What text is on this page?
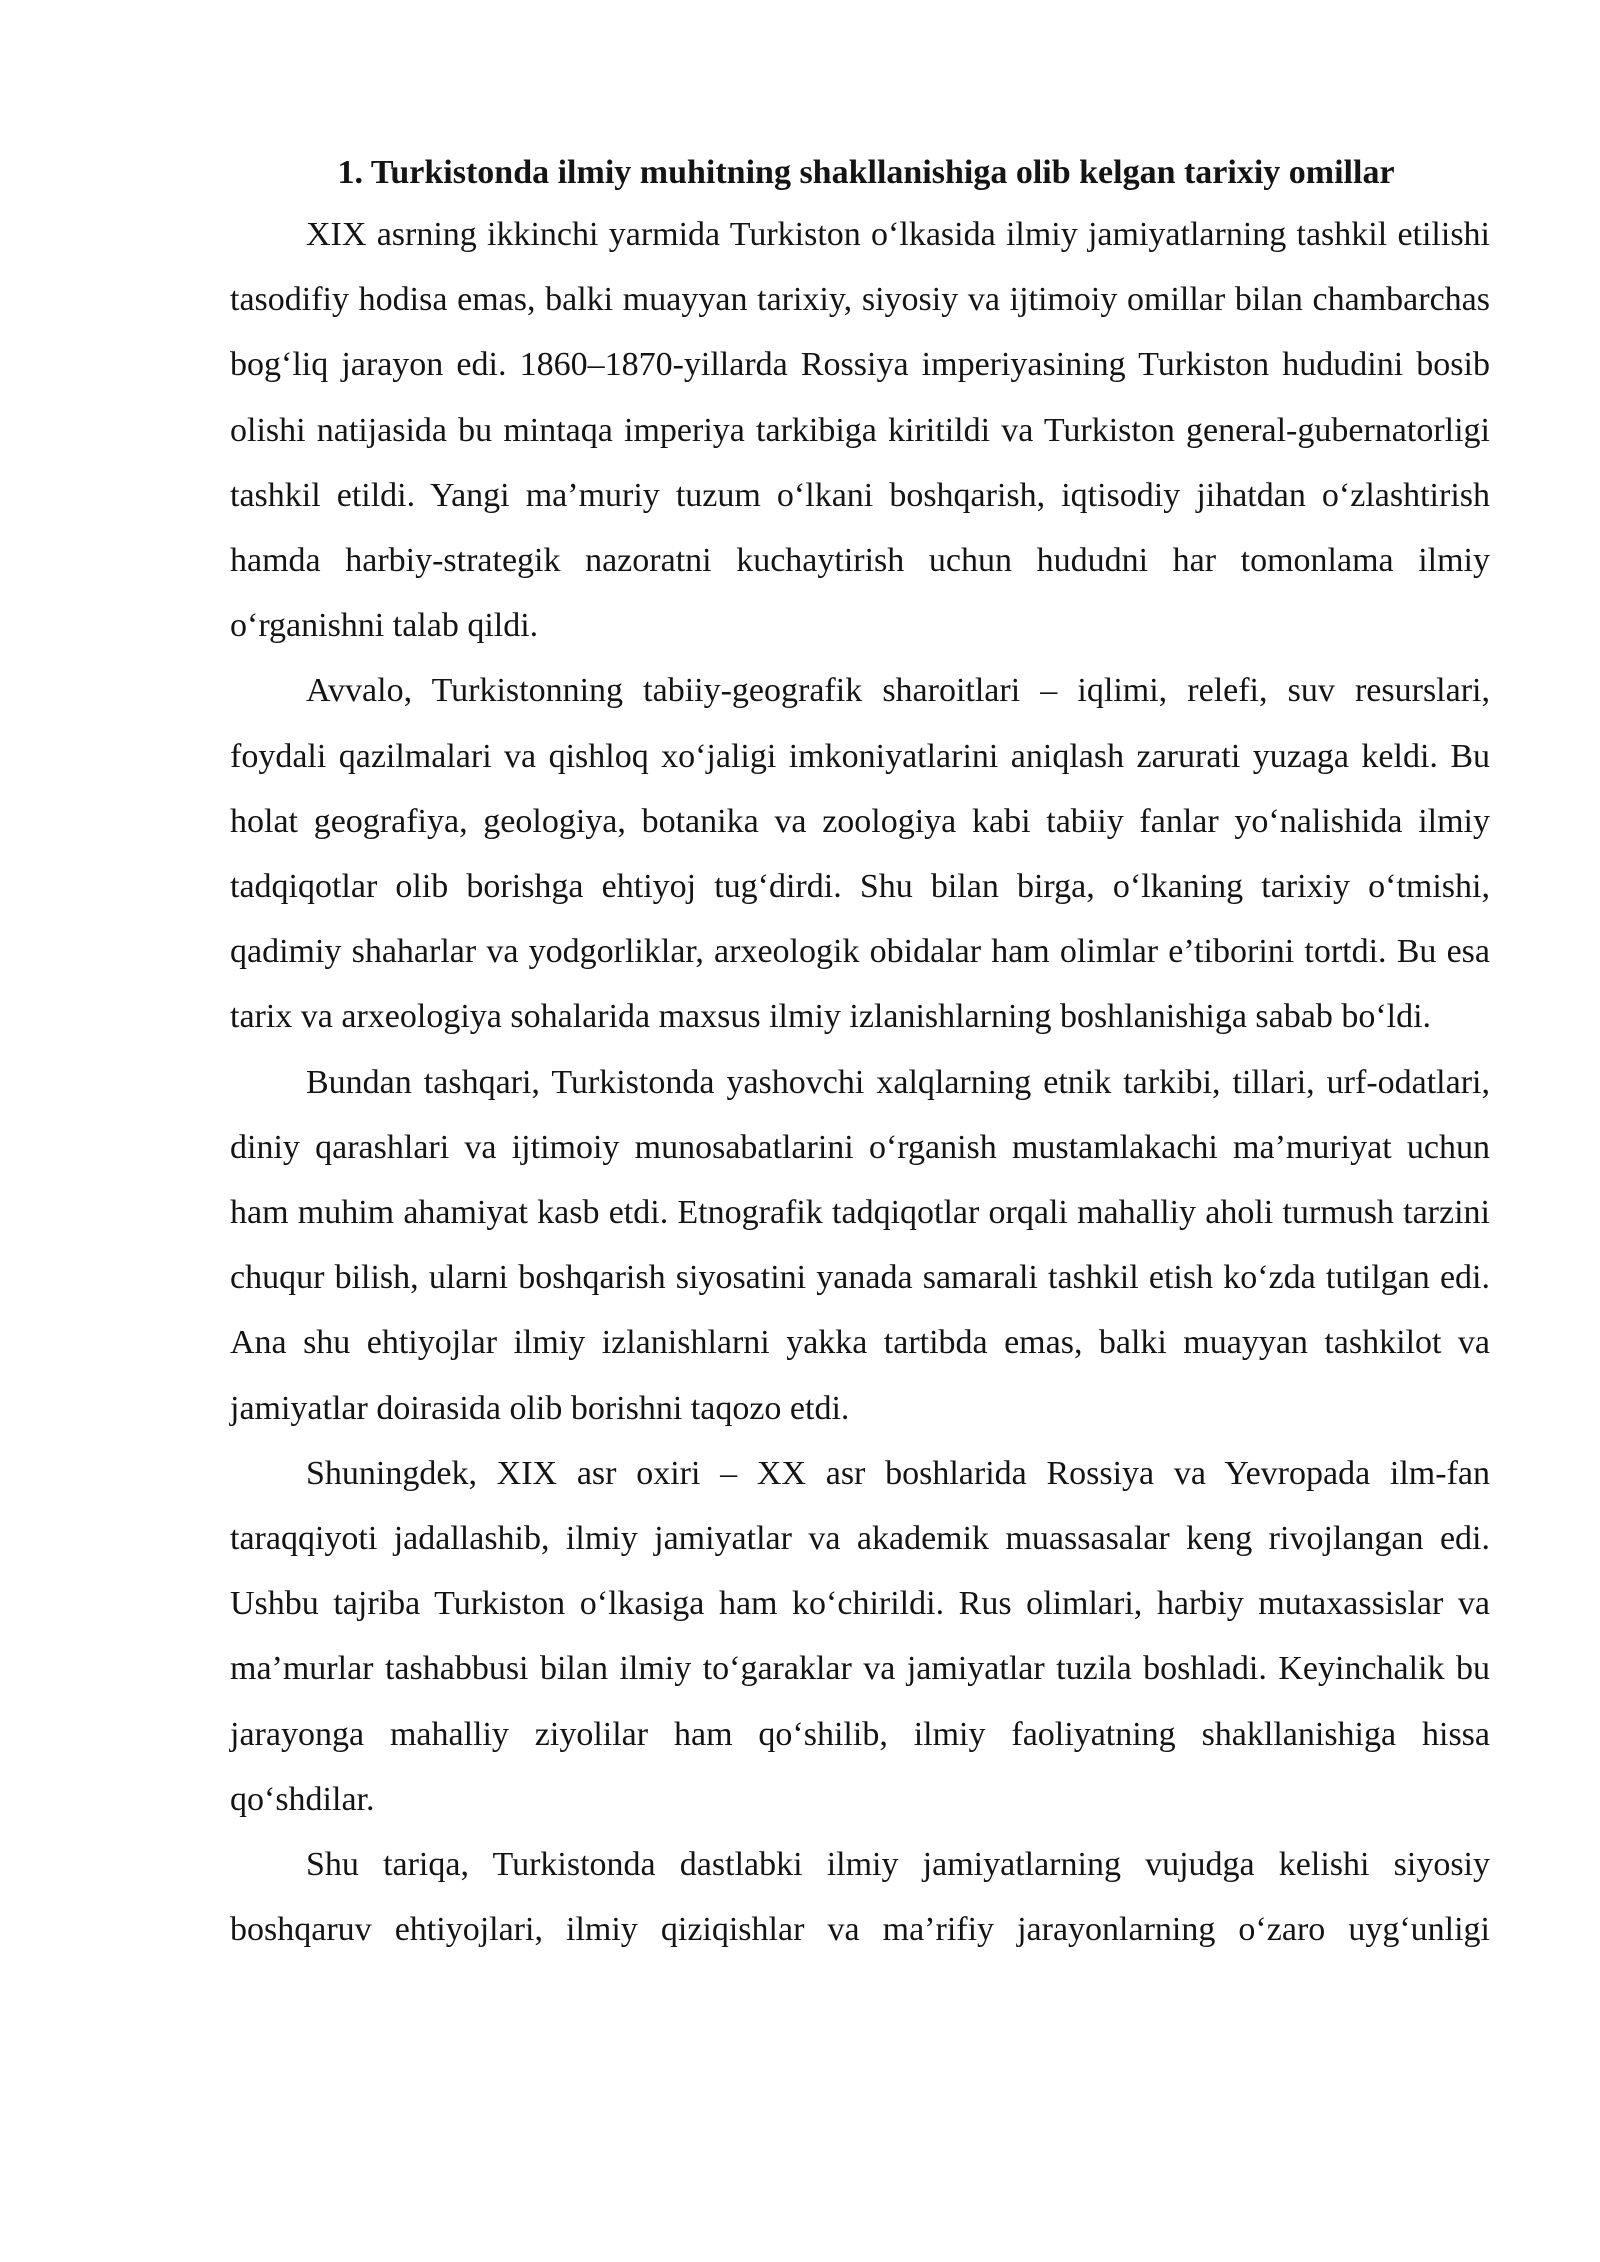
1. Turkistonda ilmiy muhitning shakllanishiga olib kelgan tarixiy omillar

XIX asrning ikkinchi yarmida Turkiston o‘lkasida ilmiy jamiyatlarning tashkil etilishi tasodifiy hodisa emas, balki muayyan tarixiy, siyosiy va ijtimoiy omillar bilan chambarchas bog‘liq jarayon edi. 1860–1870-yillarda Rossiya imperiyasining Turkiston hududini bosib olishi natijasida bu mintaqa imperiya tarkibiga kiritildi va Turkiston general-gubernatorligi tashkil etildi. Yangi ma’muriy tuzum o‘lkani boshqarish, iqtisodiy jihatdan o‘zlashtirish hamda harbiy-strategik nazoratni kuchaytirish uchun hududni har tomonlama ilmiy o‘rganishni talab qildi.

Avvalo, Turkistonning tabiiy-geografik sharoitlari – iqlimi, relefi, suv resurslari, foydali qazilmalari va qishloq xo‘jaligi imkoniyatlarini aniqlash zarurati yuzaga keldi. Bu holat geografiya, geologiya, botanika va zoologiya kabi tabiiy fanlar yo‘nalishida ilmiy tadqiqotlar olib borishga ehtiyoj tug‘dirdi. Shu bilan birga, o‘lkaning tarixiy o‘tmishi, qadimiy shaharlar va yodgorliklar, arxeologik obidalar ham olimlar e’tiborini tortdi. Bu esa tarix va arxeologiya sohalarida maxsus ilmiy izlanishlarning boshlanishiga sabab bo‘ldi.

Bundan tashqari, Turkistonda yashovchi xalqlarning etnik tarkibi, tillari, urf-odatlari, diniy qarashlari va ijtimoiy munosabatlarini o‘rganish mustamlakachi ma’muriyat uchun ham muhim ahamiyat kasb etdi. Etnografik tadqiqotlar orqali mahalliy aholi turmush tarzini chuqur bilish, ularni boshqarish siyosatini yanada samarali tashkil etish ko‘zda tutilgan edi. Ana shu ehtiyojlar ilmiy izlanishlarni yakka tartibda emas, balki muayyan tashkilot va jamiyatlar doirasida olib borishni taqozo etdi.

Shuningdek, XIX asr oxiri – XX asr boshlarida Rossiya va Yevropada ilm-fan taraqqiyoti jadallashib, ilmiy jamiyatlar va akademik muassasalar keng rivojlangan edi. Ushbu tajriba Turkiston o‘lkasiga ham ko‘chirildi. Rus olimlari, harbiy mutaxassislar va ma’murlar tashabbusi bilan ilmiy to‘garaklar va jamiyatlar tuzila boshladi. Keyinchalik bu jarayonga mahalliy ziyolilar ham qo‘shilib, ilmiy faoliyatning shakllanishiga hissa qo‘shdilar.

Shu tariqa, Turkistonda dastlabki ilmiy jamiyatlarning vujudga kelishi siyosiy boshqaruv ehtiyojlari, ilmiy qiziqishlar va ma’rifiy jarayonlarning o‘zaro uyg‘unligi
